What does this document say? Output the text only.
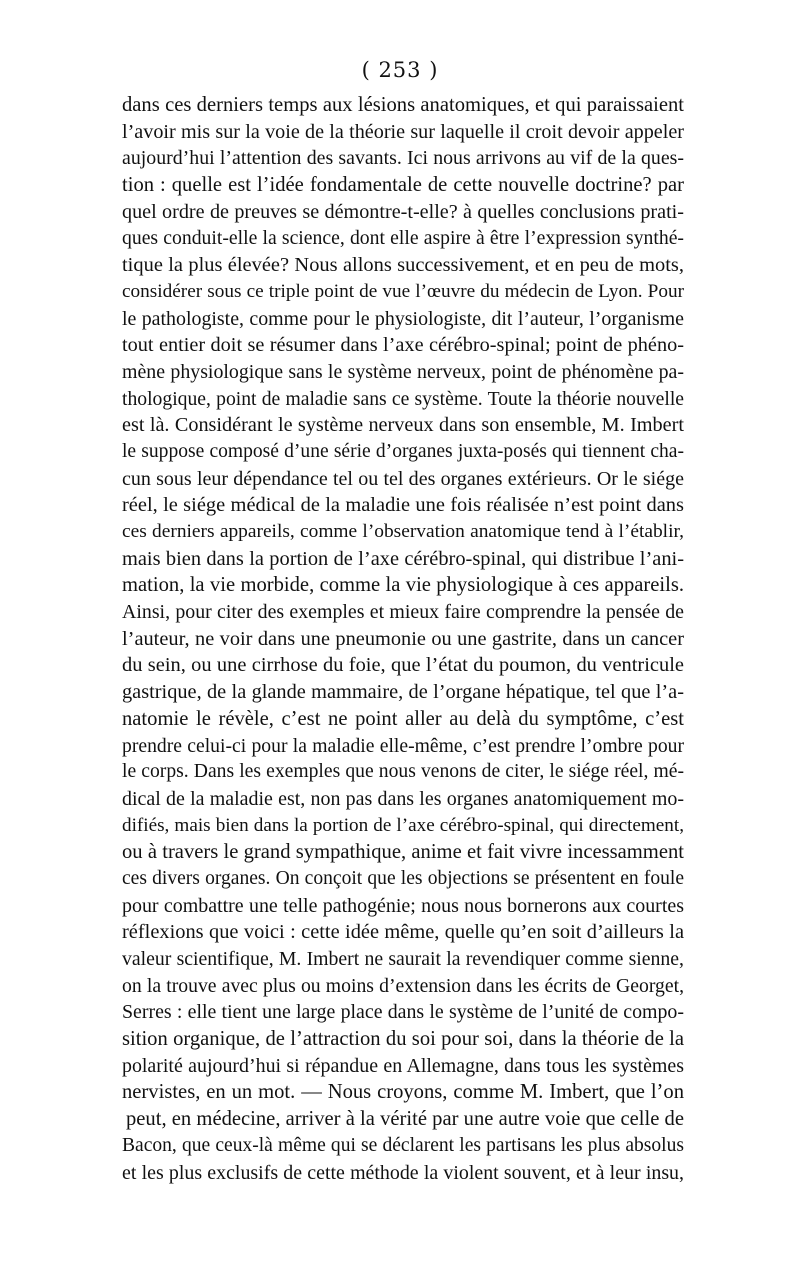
( 253 )
dans ces derniers temps aux lésions anatomiques, et qui paraissaient
l’avoir mis sur la voie de la théorie sur laquelle il croit devoir appeler
aujourd’hui l’attention des savants. Ici nous arrivons au vif de la ques-
tion : quelle est l’idée fondamentale de cette nouvelle doctrine? par
quel ordre de preuves se démontre-t-elle? à quelles conclusions prati-
ques conduit-elle la science, dont elle aspire à être l’expression synthé-
tique la plus élevée? Nous allons successivement, et en peu de mots,
considérer sous ce triple point de vue l’œuvre du médecin de Lyon. Pour
le pathologiste, comme pour le physiologiste, dit l’auteur, l’organisme
tout entier doit se résumer dans l’axe cérébro-spinal; point de phéno-
mène physiologique sans le système nerveux, point de phénomène pa-
thologique, point de maladie sans ce système. Toute la théorie nouvelle
est là. Considérant le système nerveux dans son ensemble, M. Imbert
le suppose composé d’une série d’organes juxta-posés qui tiennent cha-
cun sous leur dépendance tel ou tel des organes extérieurs. Or le siége
réel, le siége médical de la maladie une fois réalisée n’est point dans
ces derniers appareils, comme l’observation anatomique tend à l’établir,
mais bien dans la portion de l’axe cérébro-spinal, qui distribue l’ani-
mation, la vie morbide, comme la vie physiologique à ces appareils.
Ainsi, pour citer des exemples et mieux faire comprendre la pensée de
l’auteur, ne voir dans une pneumonie ou une gastrite, dans un cancer
du sein, ou une cirrhose du foie, que l’état du poumon, du ventricule
gastrique, de la glande mammaire, de l’organe hépatique, tel que l’a-
natomie le révèle, c’est ne point aller au delà du symptôme, c’est
prendre celui-ci pour la maladie elle-même, c’est prendre l’ombre pour
le corps. Dans les exemples que nous venons de citer, le siége réel, mé-
dical de la maladie est, non pas dans les organes anatomiquement mo-
difiés, mais bien dans la portion de l’axe cérébro-spinal, qui directement,
ou à travers le grand sympathique, anime et fait vivre incessamment
ces divers organes. On conçoit que les objections se présentent en foule
pour combattre une telle pathogénie; nous nous bornerons aux courtes
réflexions que voici : cette idée même, quelle qu’en soit d’ailleurs la
valeur scientifique, M. Imbert ne saurait la revendiquer comme sienne,
on la trouve avec plus ou moins d’extension dans les écrits de Georget,
Serres : elle tient une large place dans le système de l’unité de compo-
sition organique, de l’attraction du soi pour soi, dans la théorie de la
polarité aujourd’hui si répandue en Allemagne, dans tous les systèmes
nervistes, en un mot. — Nous croyons, comme M. Imbert, que l’on
peut, en médecine, arriver à la vérité par une autre voie que celle de
Bacon, que ceux-là même qui se déclarent les partisans les plus absolus
et les plus exclusifs de cette méthode la violent souvent, et à leur insu,
